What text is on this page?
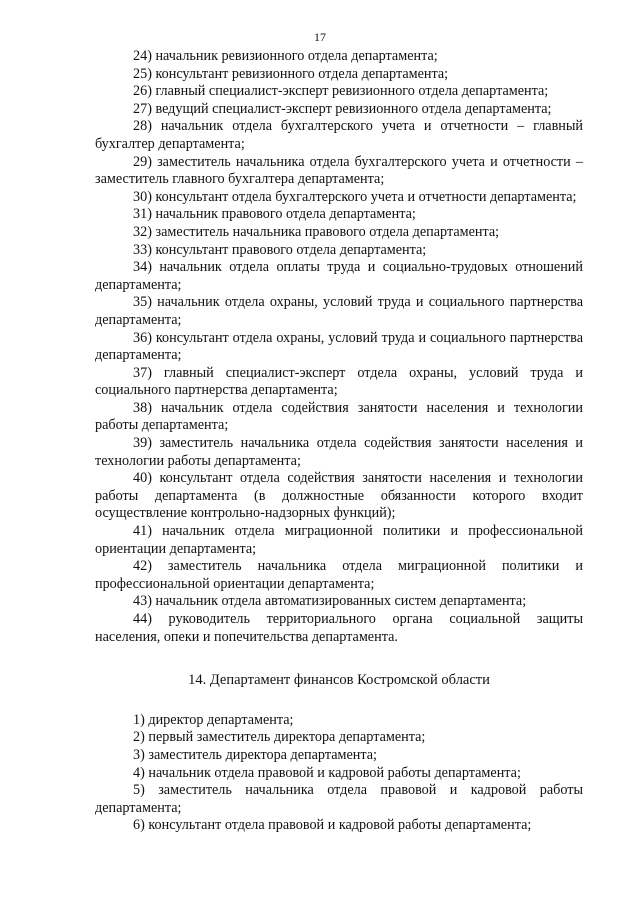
17

24) начальник ревизионного отдела департамента;

25) консультант ревизионного отдела департамента;

26) главный специалист-эксперт ревизионного отдела департамента;

27) ведущий специалист-эксперт ревизионного отдела департамента;

28) начальник отдела бухгалтерского учета и отчетности – главный бухгалтер департамента;

29) заместитель начальника отдела бухгалтерского учета и отчетности – заместитель главного бухгалтера департамента;

30) консультант отдела бухгалтерского учета и отчетности департамента;

31) начальник правового отдела департамента;

32) заместитель начальника правового отдела департамента;

33) консультант правового отдела департамента;

34) начальник отдела оплаты труда и социально-трудовых отношений департамента;

35) начальник отдела охраны, условий труда и социального партнерства департамента;

36) консультант отдела охраны, условий труда и социального партнерства департамента;

37) главный специалист-эксперт отдела охраны, условий труда и социального партнерства департамента;

38) начальник отдела содействия занятости населения и технологии работы департамента;

39) заместитель начальника отдела содействия занятости населения и технологии работы департамента;

40) консультант отдела содействия занятости населения и технологии работы департамента (в должностные обязанности которого входит осуществление контрольно-надзорных функций);

41) начальник отдела миграционной политики и профессиональной ориентации департамента;

42) заместитель начальника отдела миграционной политики и профессиональной ориентации департамента;

43) начальник отдела автоматизированных систем департамента;

44) руководитель территориального органа социальной защиты населения, опеки и попечительства департамента.

14. Департамент финансов Костромской области

1) директор департамента;

2) первый заместитель директора департамента;

3) заместитель директора департамента;

4) начальник отдела правовой и кадровой работы департамента;

5) заместитель начальника отдела правовой и кадровой работы департамента;

6) консультант отдела правовой и кадровой работы департамента;
